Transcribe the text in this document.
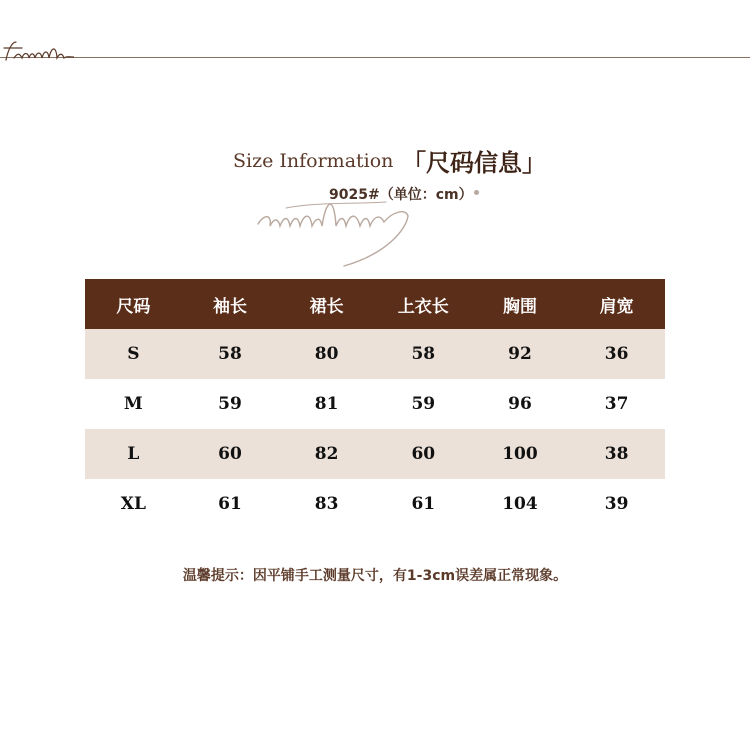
Size Information 「尺码信息」
9025#（单位：cm）
尺码	袖长	裙长	上衣长	胸围	肩宽
S	58	80	58	92	36
M	59	81	59	96	37
L	60	82	60	100	38
XL	61	83	61	104	39
温馨提示：因平铺手工测量尺寸，有1-3cm误差属正常现象。
